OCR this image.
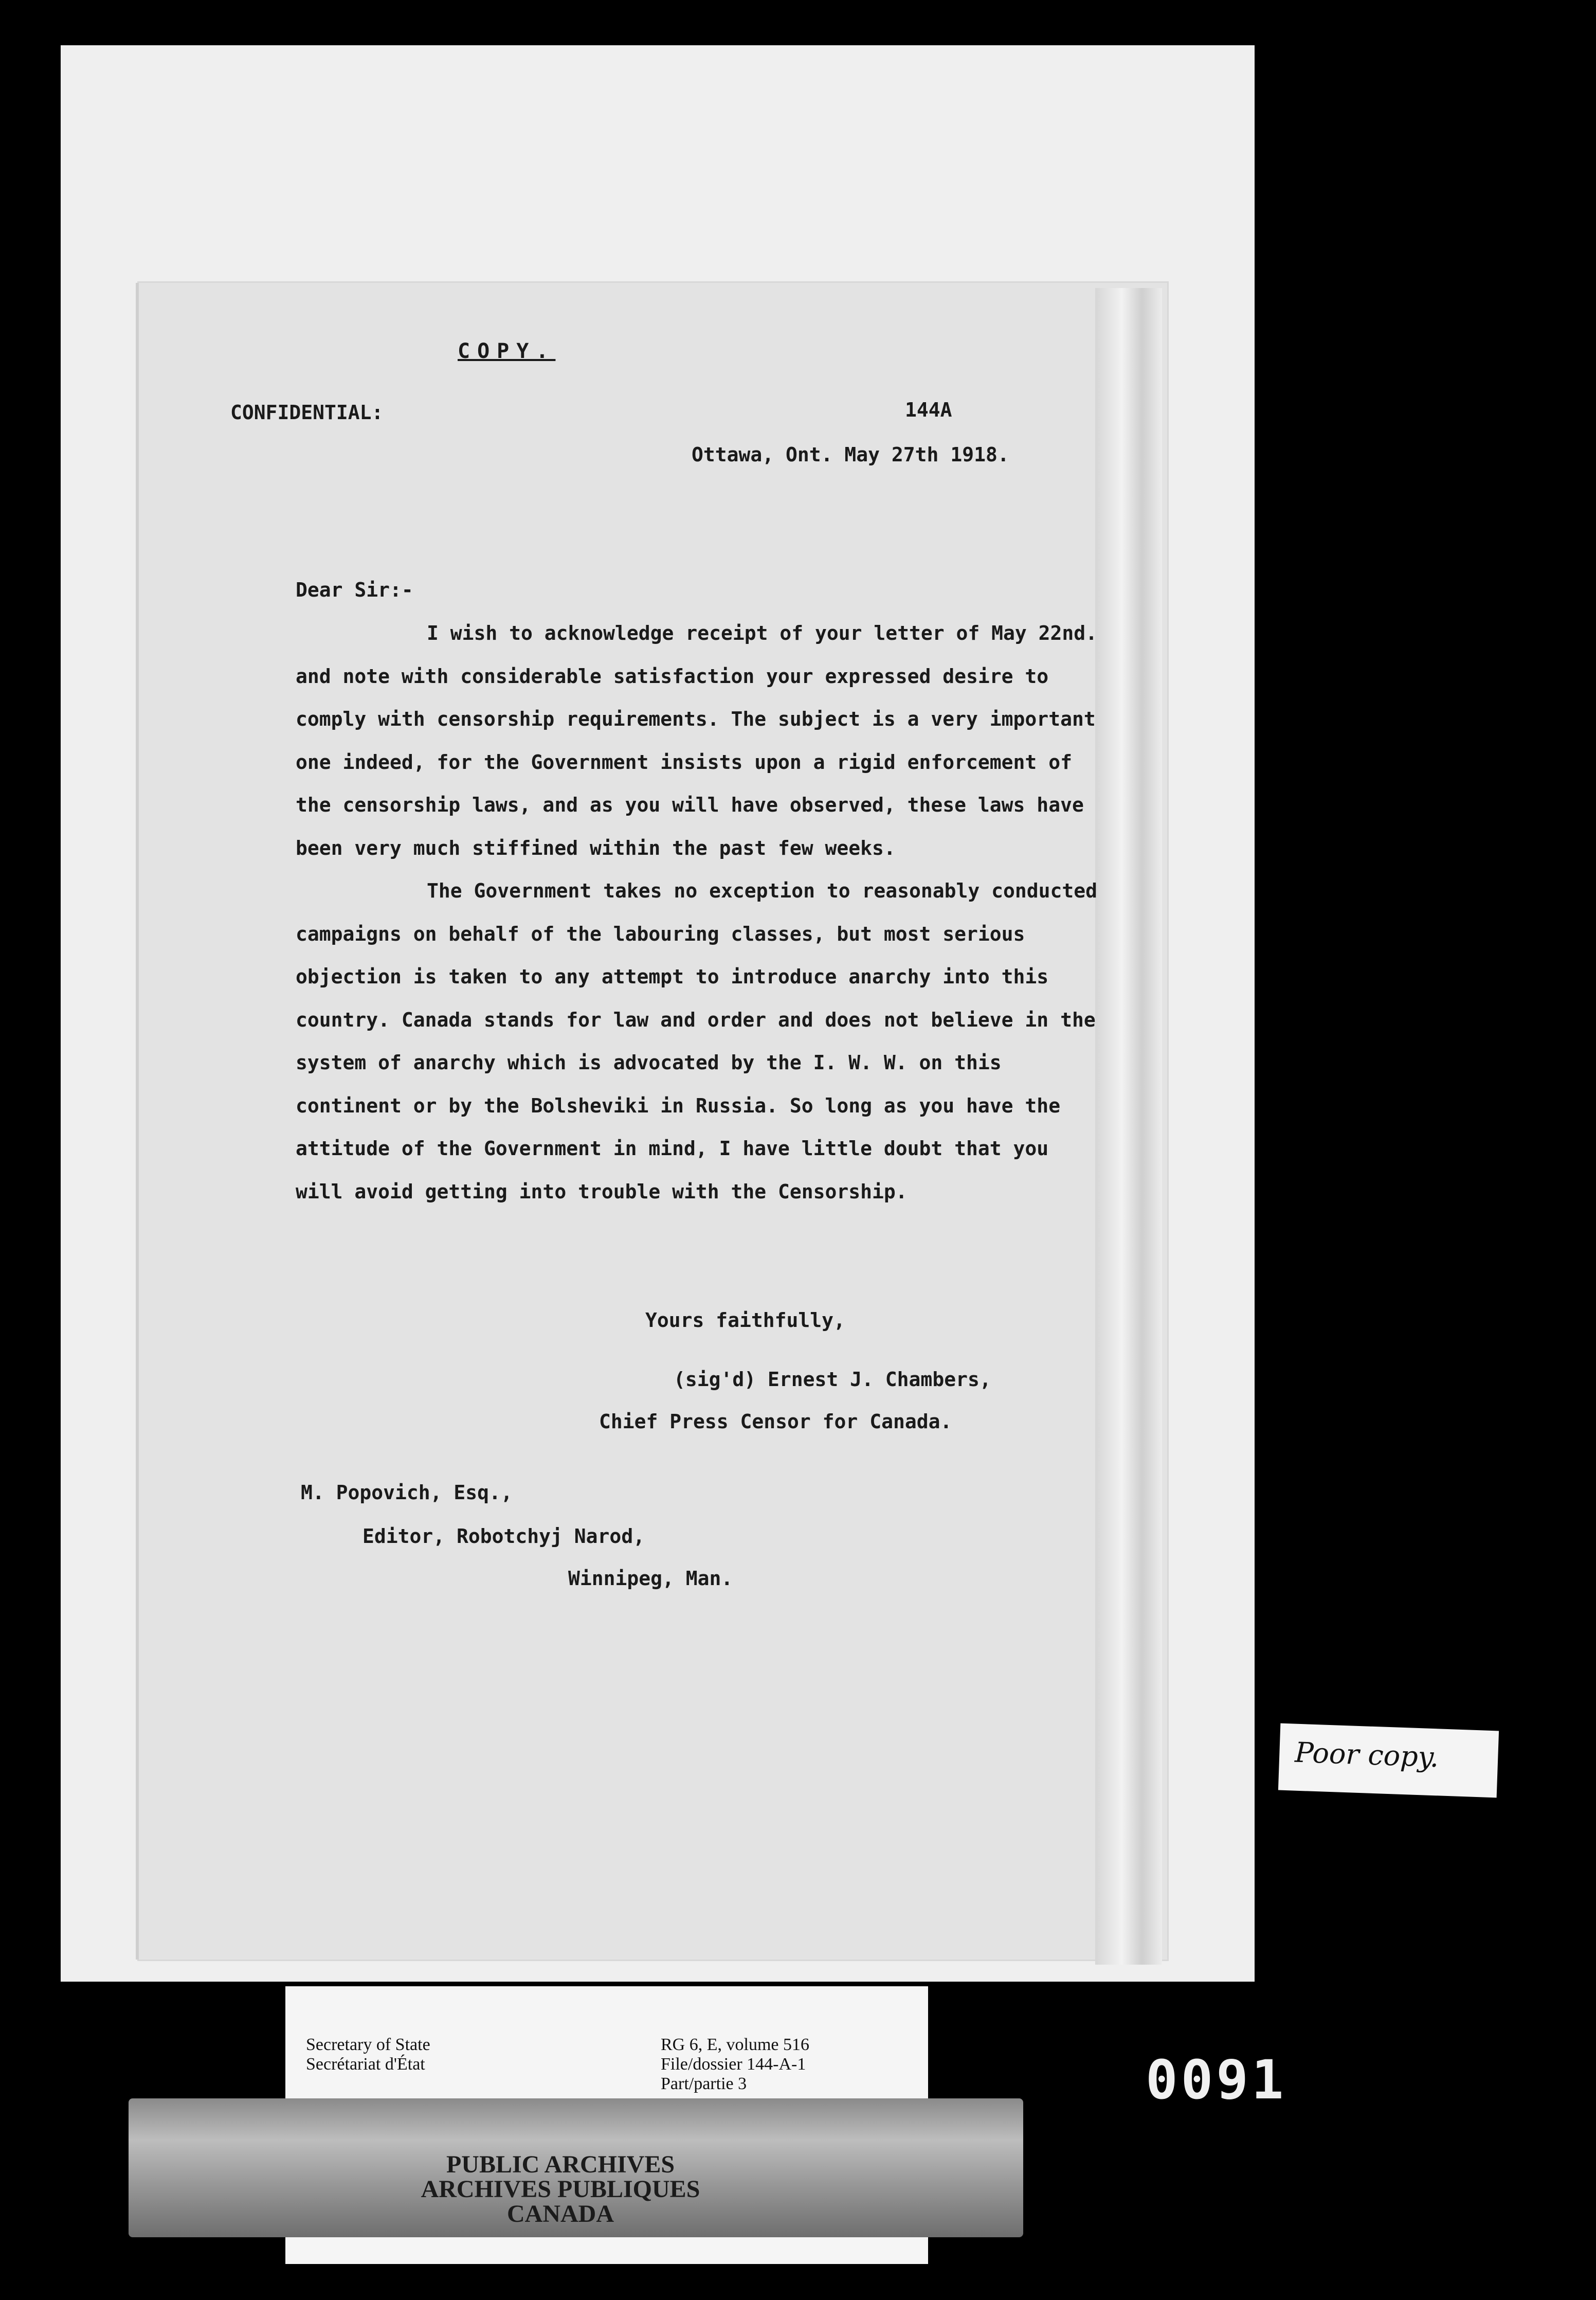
COPY.
CONFIDENTIAL:	144A
Ottawa, Ont. May 27th 1918.
Dear Sir:-

I wish to acknowledge receipt of your letter of May 22nd. and note with considerable satisfaction your expressed desire to comply with censorship requirements. The subject is a very important one indeed, for the Government insists upon a rigid enforcement of the censorship laws, and as you will have observed, these laws have been very much stiffined within the past few weeks.

The Government takes no exception to reasonably conducted campaigns on behalf of the labouring classes, but most serious objection is taken to any attempt to introduce anarchy into this country. Canada stands for law and order and does not believe in the system of anarchy which is advocated by the I. W. W. on this continent or by the Bolsheviki in Russia. So long as you have the attitude of the Government in mind, I have little doubt that you will avoid getting into trouble with the Censorship.

Yours faithfully,
(sig'd) Ernest J. Chambers,
Chief Press Censor for Canada.
M. Popovich, Esq.,
Editor, Robotchyj Narod,
Winnipeg, Man.
Poor copy.
Secretary of State
Secrétariat d'État
RG 6, E, volume 516
File/dossier 144-A-1
Part/partie 3
PUBLIC ARCHIVES
ARCHIVES PUBLIQUES
CANADA
0091
